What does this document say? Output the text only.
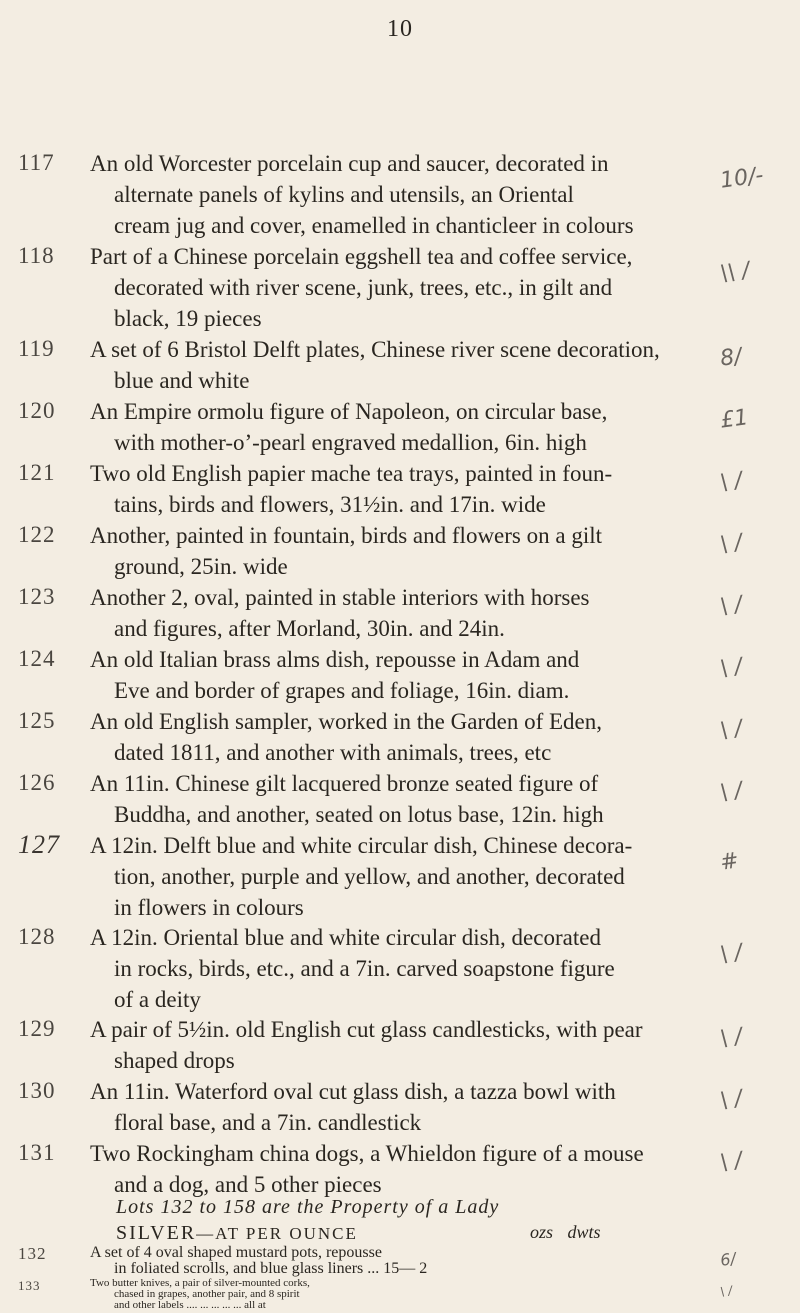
10
117	An old Worcester porcelain cup and saucer, decorated in
alternate panels of kylins and utensils, an Oriental
cream jug and cover, enamelled in chanticleer in colours
10/-
118	Part of a Chinese porcelain eggshell tea and coffee service,
decorated with river scene, junk, trees, etc., in gilt and
black, 19 pieces
\\ /
119	A set of 6 Bristol Delft plates, Chinese river scene decoration,
blue and white
8/
120	An Empire ormolu figure of Napoleon, on circular base,
with mother-o’-pearl engraved medallion, 6in. high
£1
121	Two old English papier mache tea trays, painted in foun-
tains, birds and flowers, 31½in. and 17in. wide
\ /
122	Another, painted in fountain, birds and flowers on a gilt
ground, 25in. wide
\ /
123	Another 2, oval, painted in stable interiors with horses
and figures, after Morland, 30in. and 24in.
\ /
124	An old Italian brass alms dish, repousse in Adam and
Eve and border of grapes and foliage, 16in. diam.
\ /
125	An old English sampler, worked in the Garden of Eden,
dated 1811, and another with animals, trees, etc
\ /
126	An 11in. Chinese gilt lacquered bronze seated figure of
Buddha, and another, seated on lotus base, 12in. high
\ /
127	A 12in. Delft blue and white circular dish, Chinese decora-
tion, another, purple and yellow, and another, decorated
in flowers in colours
#
128	A 12in. Oriental blue and white circular dish, decorated
in rocks, birds, etc., and a 7in. carved soapstone figure
of a deity
\ /
129	A pair of 5½in. old English cut glass candlesticks, with pear
shaped drops
\ /
130	An 11in. Waterford oval cut glass dish, a tazza bowl with
floral base, and a 7in. candlestick
\ /
131	Two Rockingham china dogs, a Whieldon figure of a mouse
and a dog, and 5 other pieces
\ /
Lots 132 to 158 are the Property of a Lady
SILVER—AT PER OUNCE	ozs dwts
132	A set of 4 oval shaped mustard pots, repousse
in foliated scrolls, and blue glass liners ... 15— 2	6/
133	Two butter knives, a pair of silver-mounted corks,
chased in grapes, another pair, and 8 spirit
and other labels .... ... ... ... ... all at
\ /
